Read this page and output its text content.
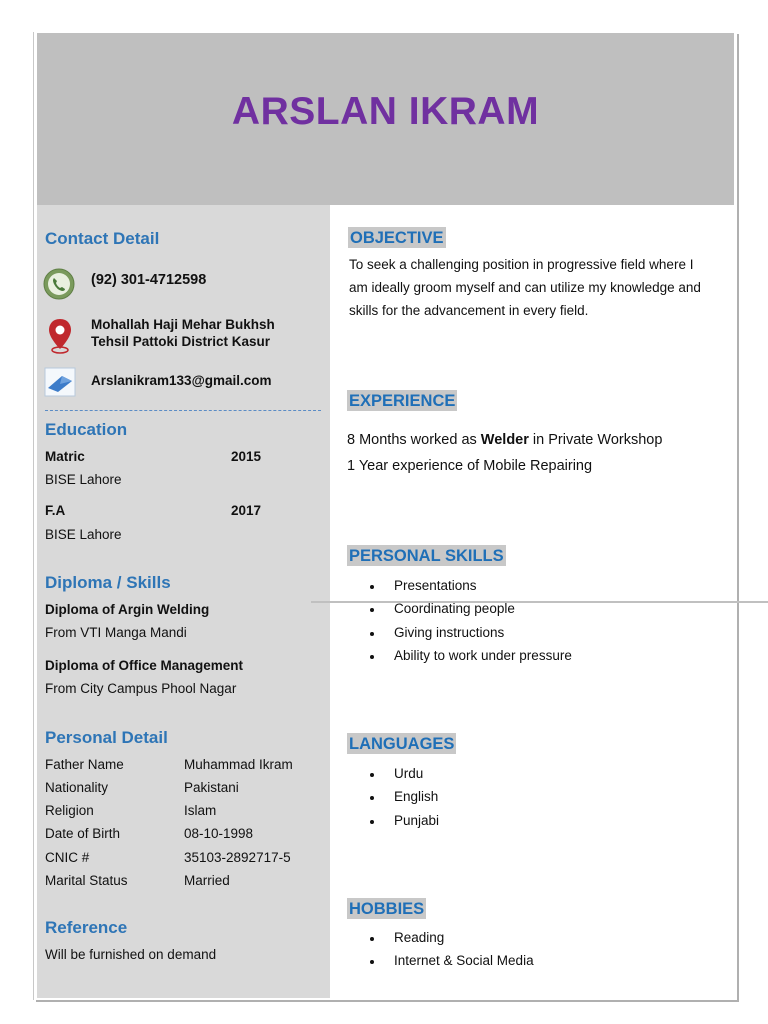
ARSLAN IKRAM
Contact Detail
(92) 301-4712598
Mohallah Haji Mehar Bukhsh
Tehsil Pattoki District Kasur
Arslanikram133@gmail.com
Education
Matric	2015
BISE Lahore
F.A	2017
BISE Lahore
Diploma / Skills
Diploma of Argin Welding
From VTI Manga Mandi
Diploma of Office Management
From City Campus Phool Nagar
Personal Detail
Father Name	Muhammad Ikram
Nationality	Pakistani
Religion	Islam
Date of Birth	08-10-1998
CNIC #	35103-2892717-5
Marital Status	Married
Reference
Will be furnished on demand
OBJECTIVE
To seek a challenging position in progressive field where I
am ideally groom myself and can utilize my knowledge and
skills for the advancement in every field.
EXPERIENCE
8 Months worked as Welder in Private Workshop
1 Year experience of Mobile Repairing
PERSONAL SKILLS
Presentations
Coordinating people
Giving instructions
Ability to work under pressure
LANGUAGES
Urdu
English
Punjabi
HOBBIES
Reading
Internet & Social Media
